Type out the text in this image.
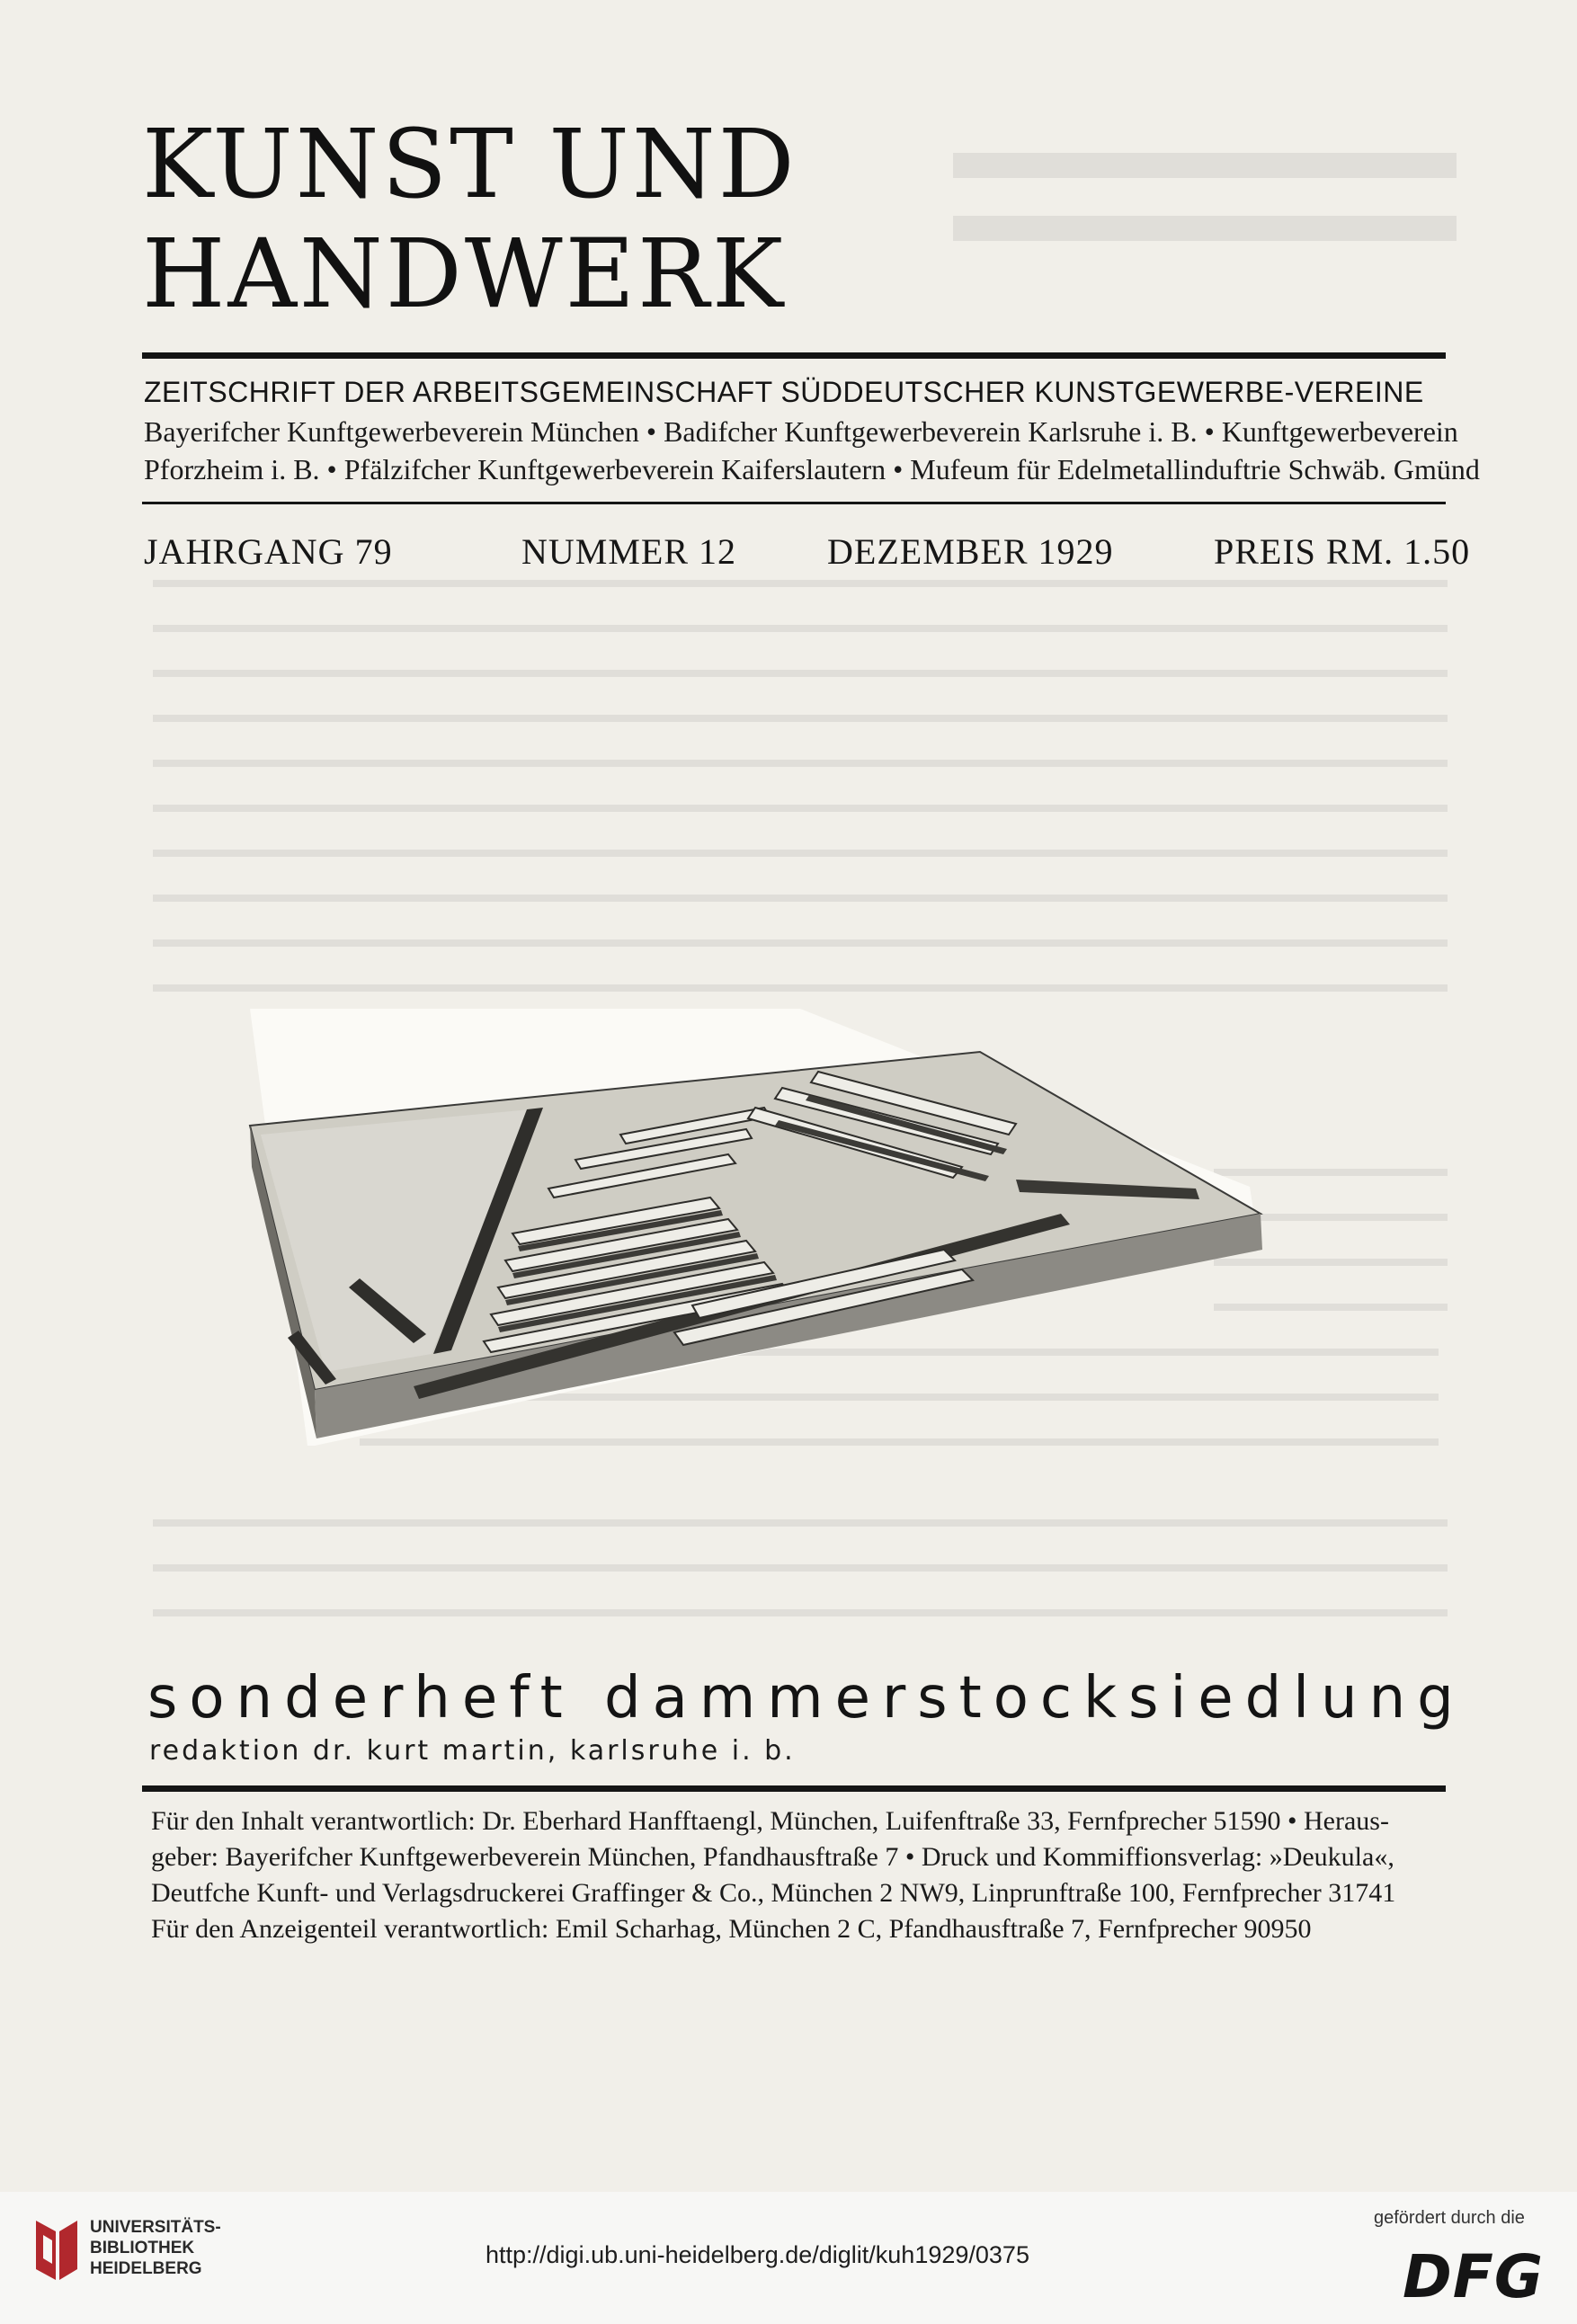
KUNST UND
HANDWERK
ZEITSCHRIFT DER ARBEITSGEMEINSCHAFT SÜDDEUTSCHER KUNSTGEWERBE-VEREINE
Bayerifcher Kunftgewerbeverein München • Badifcher Kunftgewerbeverein Karlsruhe i. B. • Kunftgewerbeverein
Pforzheim i. B. • Pfälzifcher Kunftgewerbeverein Kaiferslautern • Mufeum für Edelmetallinduftrie Schwäb. Gmünd
JAHRGANG 79	NUMMER 12	DEZEMBER 1929	PREIS RM. 1.50
sonderheft dammerstocksiedlung
redaktion dr. kurt martin, karlsruhe i. b.
Für den Inhalt verantwortlich: Dr. Eberhard Hanfftaengl, München, Luifenftraße 33, Fernfprecher 51590 • Heraus-
geber: Bayerifcher Kunftgewerbeverein München, Pfandhausftraße 7 • Druck und Kommiffionsverlag: »Deukula«,
Deutfche Kunft- und Verlagsdruckerei Graffinger & Co., München 2 NW9, Linprunftraße 100, Fernfprecher 31741
Für den Anzeigenteil verantwortlich: Emil Scharhag, München 2 C, Pfandhausftraße 7, Fernfprecher 90950
UNIVERSITÄTS-
BIBLIOTHEK
HEIDELBERG
http://digi.ub.uni-heidelberg.de/diglit/kuh1929/0375
gefördert durch die
DFG
